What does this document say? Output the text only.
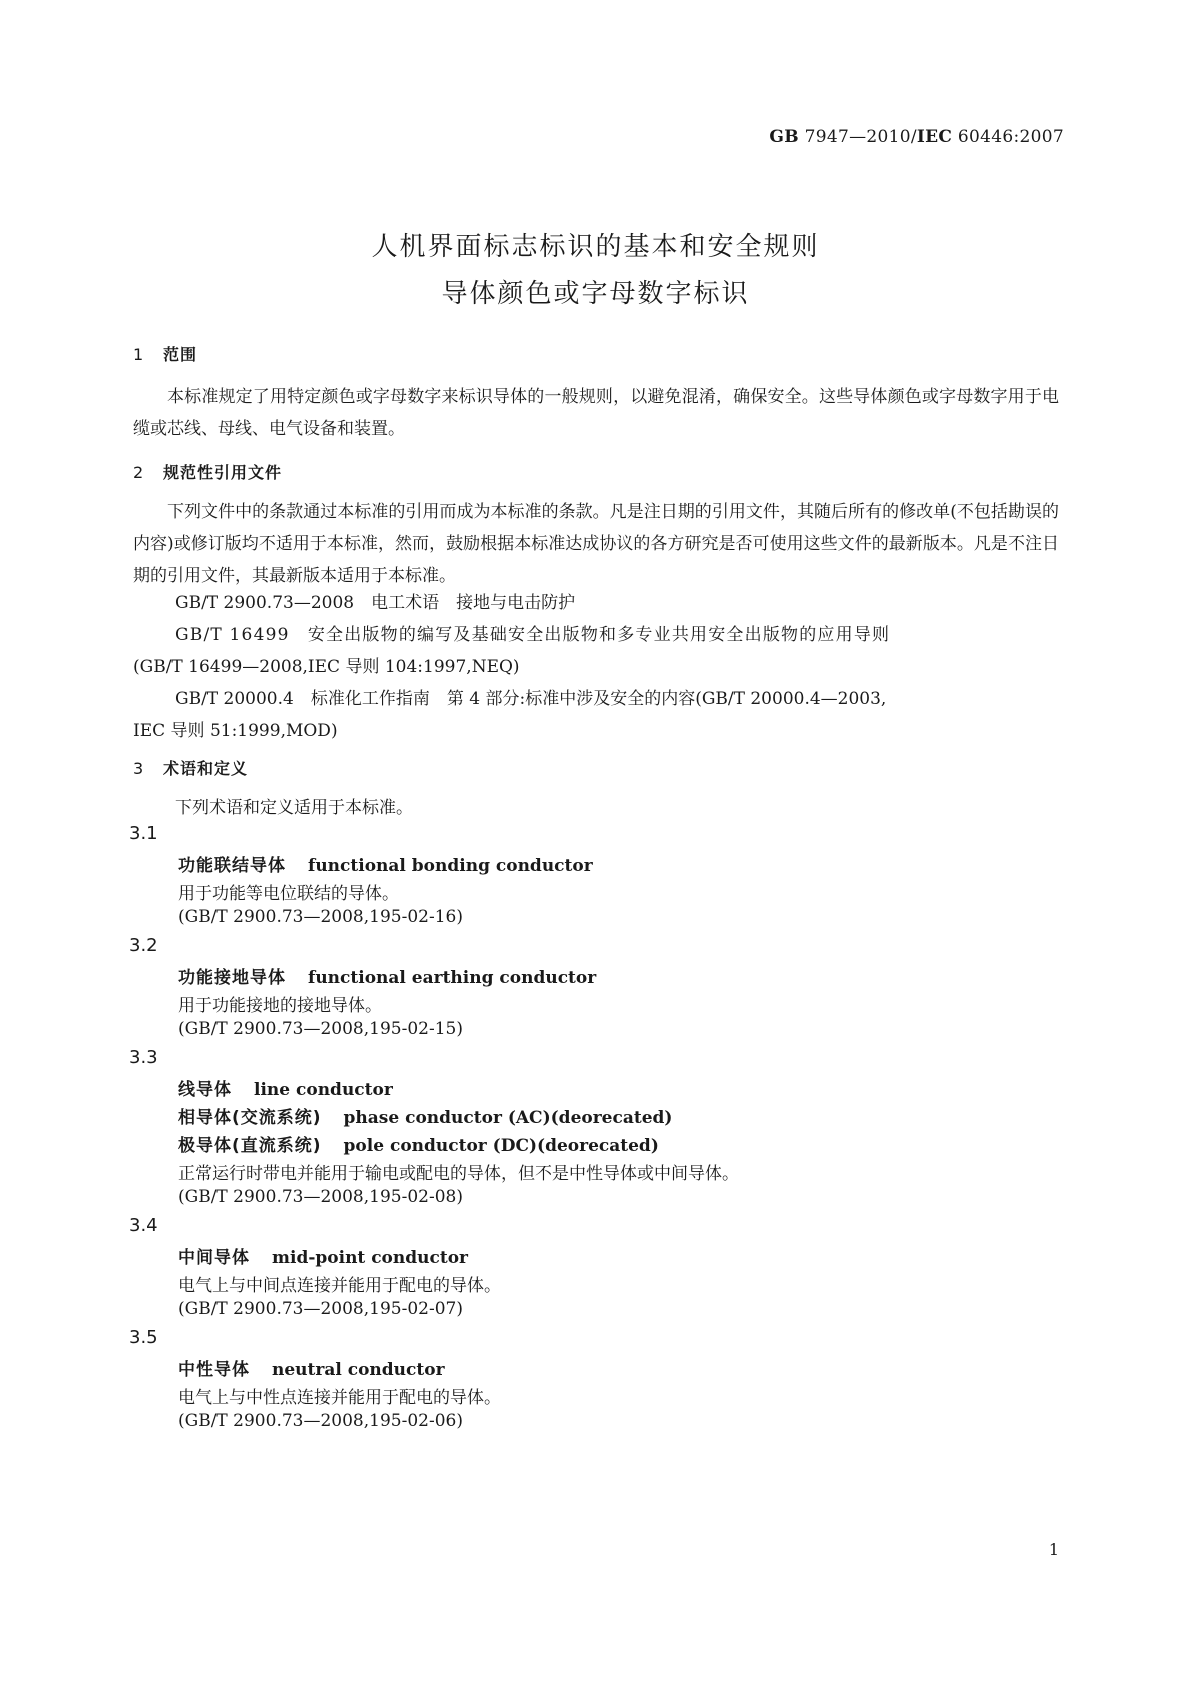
GB 7947—2010/IEC 60446:2007
人机界面标志标识的基本和安全规则
导体颜色或字母数字标识
1 范围

本标准规定了用特定颜色或字母数字来标识导体的一般规则，以避免混淆，确保安全。这些导体颜色或字母数字用于电缆或芯线、母线、电气设备和装置。

2 规范性引用文件

下列文件中的条款通过本标准的引用而成为本标准的条款。凡是注日期的引用文件，其随后所有的修改单(不包括勘误的内容)或修订版均不适用于本标准，然而，鼓励根据本标准达成协议的各方研究是否可使用这些文件的最新版本。凡是不注日期的引用文件，其最新版本适用于本标准。

GB/T 2900.73—2008　电工术语　接地与电击防护
GB/T 16499　安全出版物的编写及基础安全出版物和多专业共用安全出版物的应用导则
(GB/T 16499—2008,IEC 导则 104:1997,NEQ)
GB/T 20000.4　标准化工作指南　第 4 部分:标准中涉及安全的内容(GB/T 20000.4—2003,
IEC 导则 51:1999,MOD)
3 术语和定义
下列术语和定义适用于本标准。
3.1
功能联结导体 functional bonding conductor
用于功能等电位联结的导体。
(GB/T 2900.73—2008,195-02-16)
3.2
功能接地导体 functional earthing conductor
用于功能接地的接地导体。
(GB/T 2900.73—2008,195-02-15)
3.3
线导体 line conductor
相导体(交流系统) phase conductor (AC)(deorecated)
极导体(直流系统) pole conductor (DC)(deorecated)
正常运行时带电并能用于输电或配电的导体，但不是中性导体或中间导体。
(GB/T 2900.73—2008,195-02-08)
3.4
中间导体 mid-point conductor
电气上与中间点连接并能用于配电的导体。
(GB/T 2900.73—2008,195-02-07)
3.5
中性导体 neutral conductor
电气上与中性点连接并能用于配电的导体。
(GB/T 2900.73—2008,195-02-06)
1
